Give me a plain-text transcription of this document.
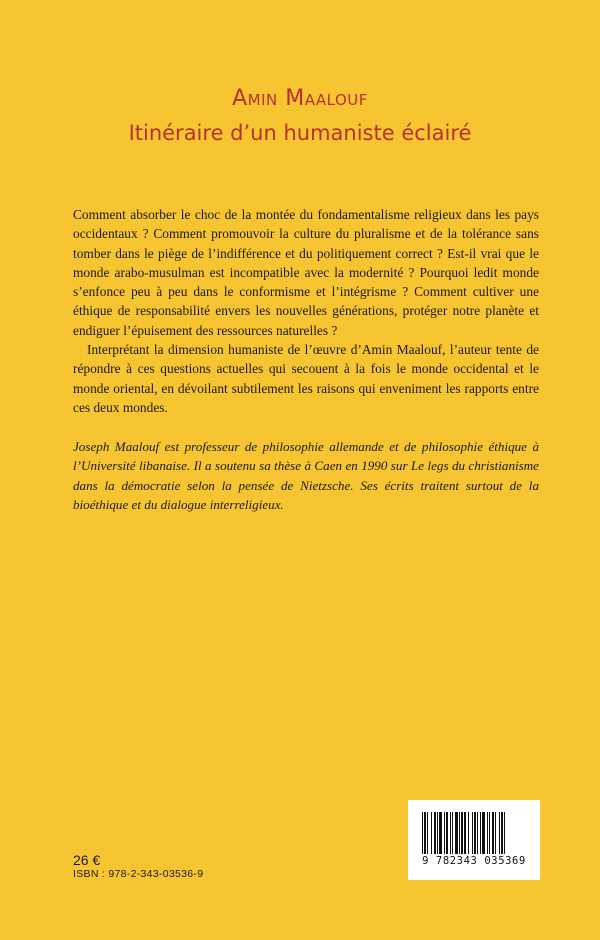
Amin Maalouf
Itinéraire d’un humaniste éclairé

Comment absorber le choc de la montée du fondamentalisme religieux dans les pays occidentaux ? Comment promouvoir la culture du pluralisme et de la tolérance sans tomber dans le piège de l’indifférence et du politiquement correct ? Est-il vrai que le monde arabo-musulman est incompatible avec la modernité ? Pourquoi ledit monde s’enfonce peu à peu dans le conformisme et l’intégrisme ? Comment cultiver une éthique de responsabilité envers les nouvelles générations, protéger notre planète et endiguer l’épuisement des ressources naturelles ?

Interprétant la dimension humaniste de l’œuvre d’Amin Maalouf, l’auteur tente de répondre à ces questions actuelles qui secouent à la fois le monde occidental et le monde oriental, en dévoilant subtilement les raisons qui enveniment les rapports entre ces deux mondes.

Joseph Maalouf est professeur de philosophie allemande et de philosophie éthique à l’Université libanaise. Il a soutenu sa thèse à Caen en 1990 sur Le legs du christianisme dans la démocratie selon la pensée de Nietzsche. Ses écrits traitent surtout de la bioéthique et du dialogue interreligieux.

26 €
ISBN : 978-2-343-03536-9
9 782343 035369
